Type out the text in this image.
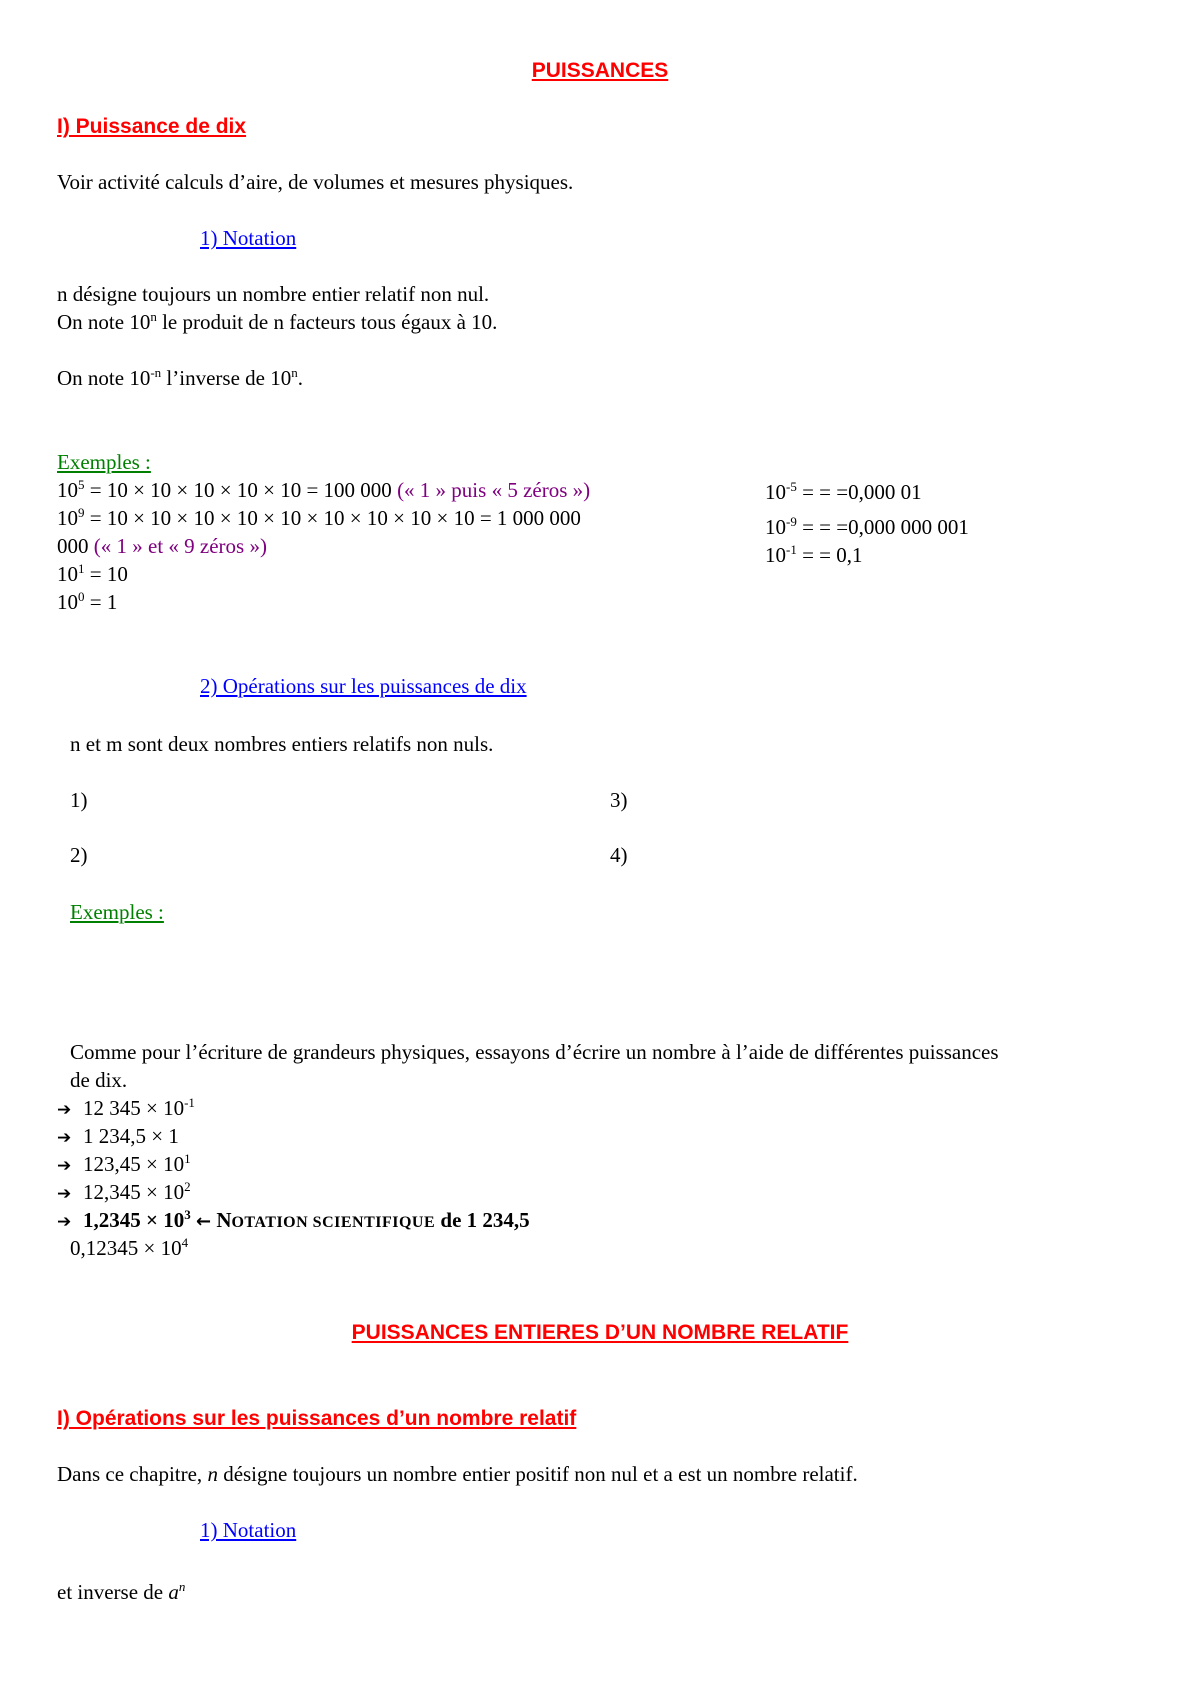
PUISSANCES
I) Puissance de dix
Voir activité calculs d’aire, de volumes et mesures physiques.
1) Notation
n désigne toujours un nombre entier relatif non nul.
On note 10$^n$ le produit de n facteurs tous égaux à 10.
On note $10^{-n}$ l’inverse de 10$^n$.
Exemples :
$10^5 = 10 \times 10 \times 10 \times 10 \times 10 = 100$ 000 (« 1 » puis « 5 zéros »)
$10^9 = 10 \times 10 \times 10 \times 10 \times 10 \times 10 \times 10 \times 10 \times 10 = 1$ 000 000
000 (« 1 » et « 9 zéros »)
$10^1 = 10$
$10^0 = 1$
$10^{-5}$ = = =0,000 01
$10^{-9}$ = = =0,000 000 001
$10^{-1}$ = = 0,1
2) Opérations sur les puissances de dix
n et m sont deux nombres entiers relatifs non nuls.
1)
2)
3)
4)
Exemples :
Comme pour l’écriture de grandeurs physiques, essayons d’écrire un nombre à l’aide de différentes puissances
de dix.
➔ 12 $345 \times 10^{-1}$
➔ 1 234,5 × 1
➔ $123,45 \times 10^1$
➔ $12,345 \times 10^2$
➔ $1,2345 \times 10^3$ ← NOTATION SCIENTIFIQUE de 1 234,5
$0,12345 \times 10^4$
PUISSANCES ENTIERES D’UN NOMBRE RELATIF
I) Opérations sur les puissances d’un nombre relatif
Dans ce chapitre, n désigne toujours un nombre entier positif non nul et a est un nombre relatif.
1) Notation
et inverse de $a^n$
